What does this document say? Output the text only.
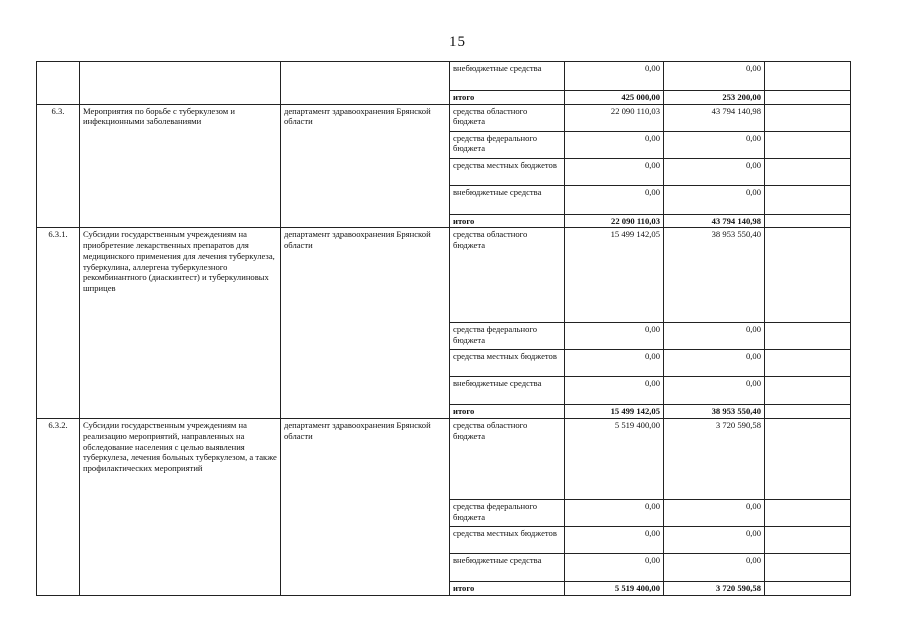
15
			внебюджетные средства	0,00	0,00	
			итого	425 000,00	253 200,00	
6.3.	Мероприятия по борьбе с туберкулезом и инфекционными заболеваниями	департамент здравоохранения Брянской области	средства областного бюджета	22 090 110,03	43 794 140,98	
			средства федерального бюджета	0,00	0,00	
			средства местных бюджетов	0,00	0,00	
			внебюджетные средства	0,00	0,00	
			итого	22 090 110,03	43 794 140,98	
6.3.1.	Субсидии государственным учреждениям на приобретение лекарственных препаратов для медицинского применения для лечения туберкулеза, туберкулина, аллергена туберкулезного рекомбинантного (диаскинтест) и туберкулиновых шприцев	департамент здравоохранения Брянской области	средства областного бюджета	15 499 142,05	38 953 550,40	
			средства федерального бюджета	0,00	0,00	
			средства местных бюджетов	0,00	0,00	
			внебюджетные средства	0,00	0,00	
			итого	15 499 142,05	38 953 550,40	
6.3.2.	Субсидии государственным учреждениям на реализацию мероприятий, направленных на обследование населения с целью выявления туберкулеза, лечения больных туберкулезом, а также профилактических мероприятий	департамент здравоохранения Брянской области	средства областного бюджета	5 519 400,00	3 720 590,58	
			средства федерального бюджета	0,00	0,00	
			средства местных бюджетов	0,00	0,00	
			внебюджетные средства	0,00	0,00	
			итого	5 519 400,00	3 720 590,58	
